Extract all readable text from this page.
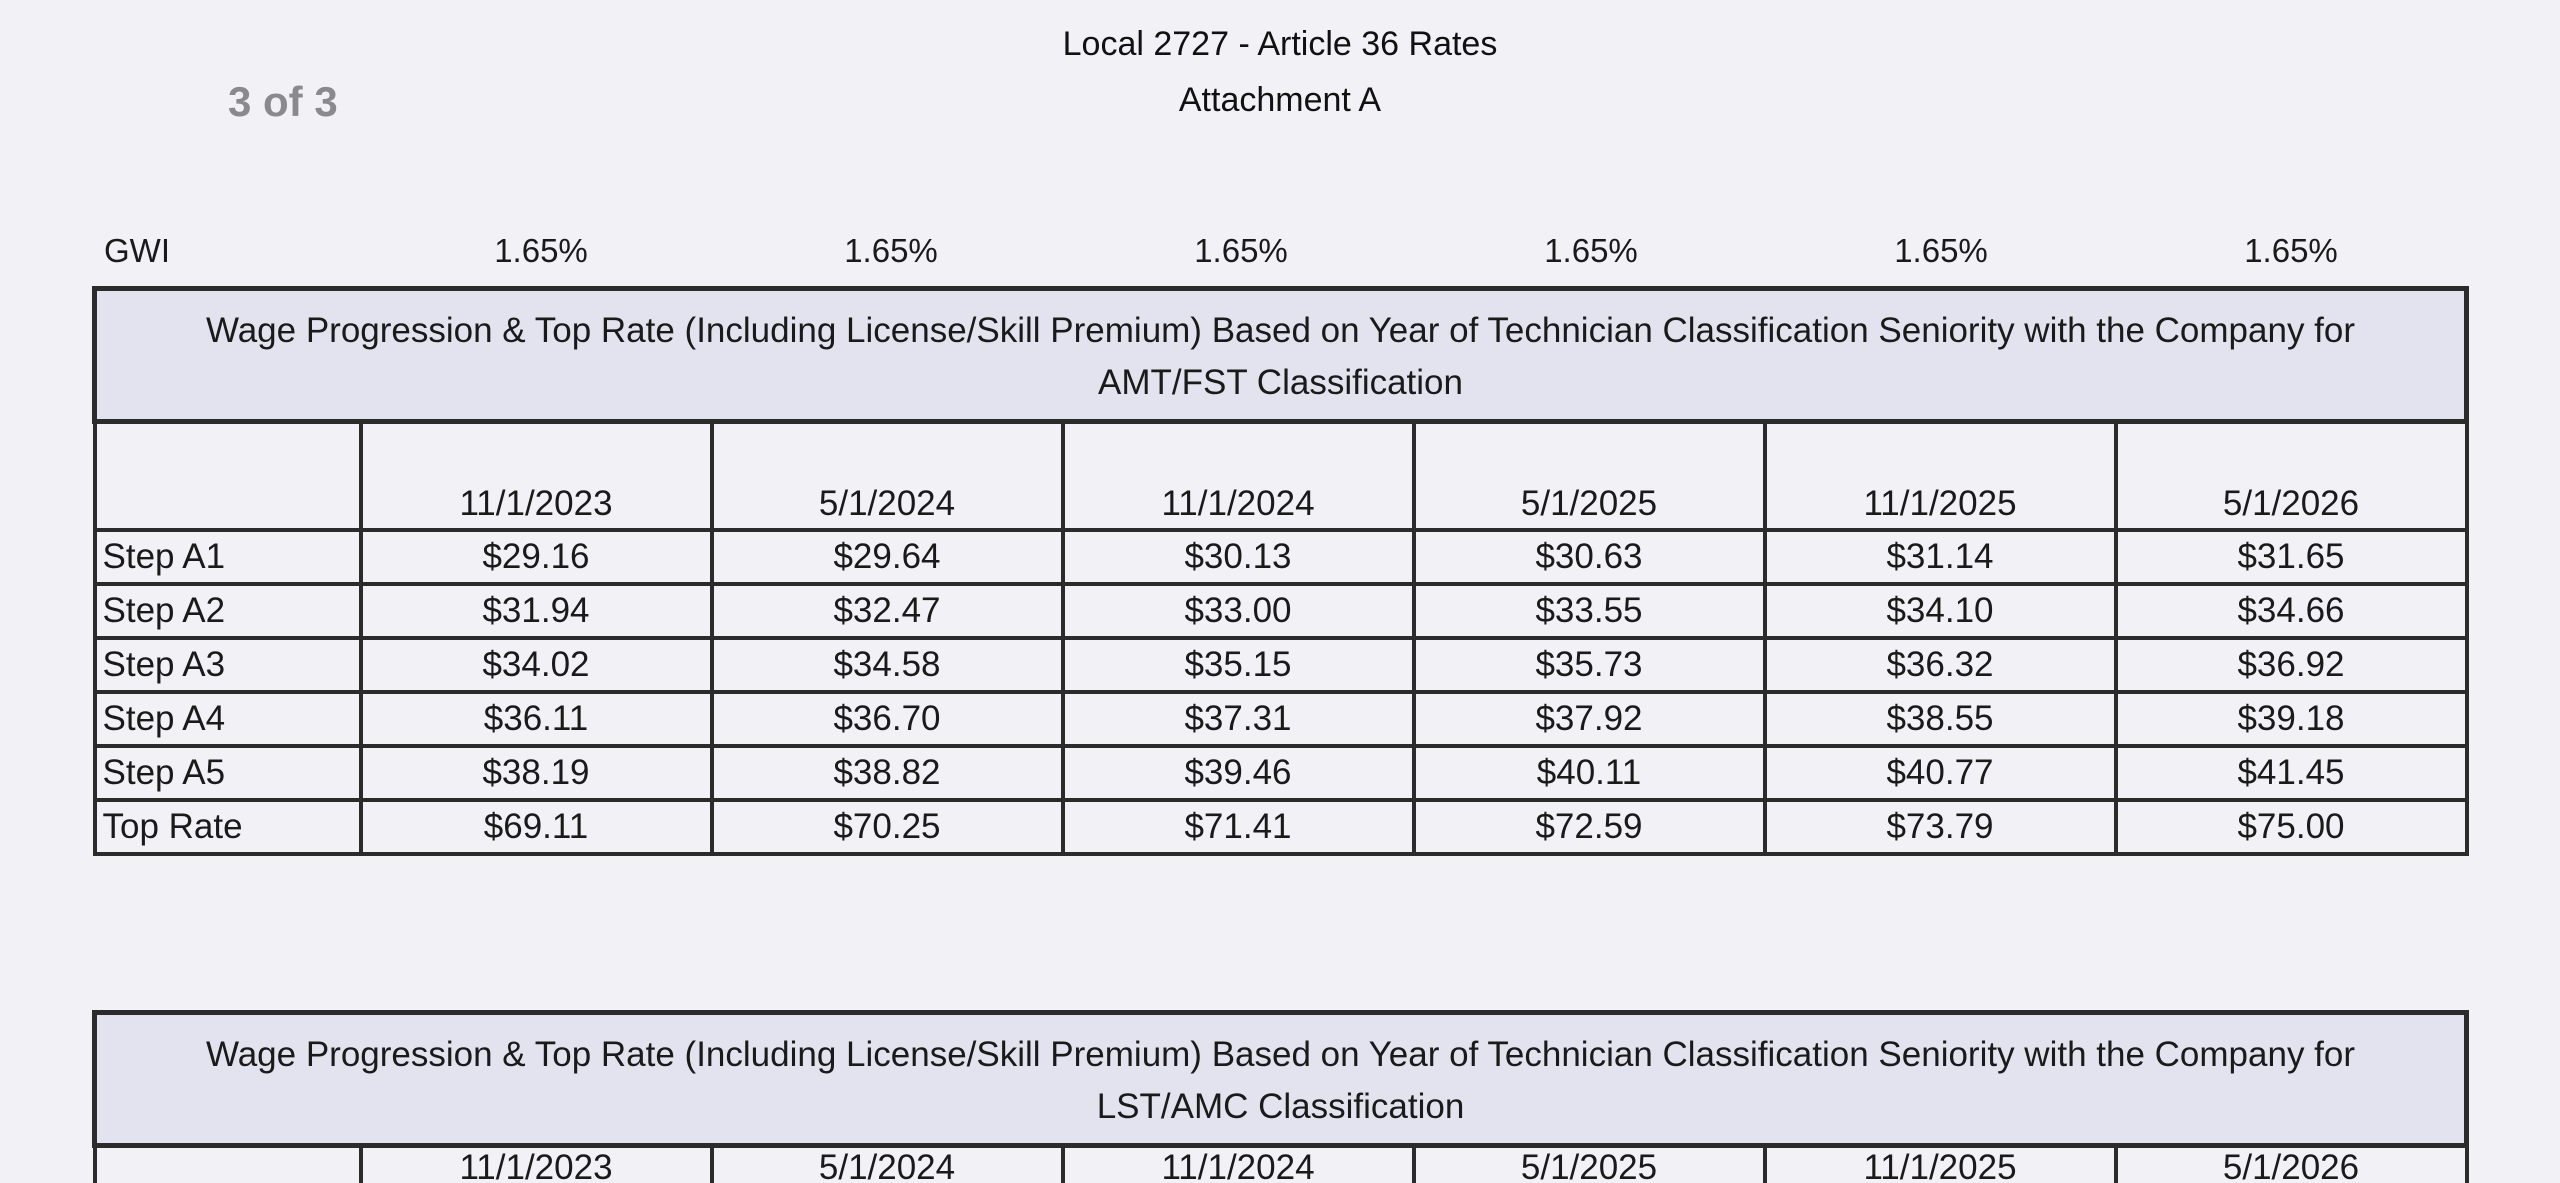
3 of 3
Local 2727 - Article 36 Rates
Attachment A
GWI	1.65%	1.65%	1.65%	1.65%	1.65%	1.65%
Wage Progression & Top Rate (Including License/Skill Premium) Based on Year of Technician Classification Seniority with the Company for
AMT/FST Classification						

	11/1/2023	5/1/2024	11/1/2024	5/1/2025	11/1/2025	5/1/2026
Step A1	$29.16	$29.64	$30.13	$30.63	$31.14	$31.65
Step A2	$31.94	$32.47	$33.00	$33.55	$34.10	$34.66
Step A3	$34.02	$34.58	$35.15	$35.73	$36.32	$36.92
Step A4	$36.11	$36.70	$37.31	$37.92	$38.55	$39.18
Step A5	$38.19	$38.82	$39.46	$40.11	$40.77	$41.45
Top Rate	$69.11	$70.25	$71.41	$72.59	$73.79	$75.00
Wage Progression & Top Rate (Including License/Skill Premium) Based on Year of Technician Classification Seniority with the Company for
LST/AMC Classification

	11/1/2023	5/1/2024	11/1/2024	5/1/2025	11/1/2025	5/1/2026
